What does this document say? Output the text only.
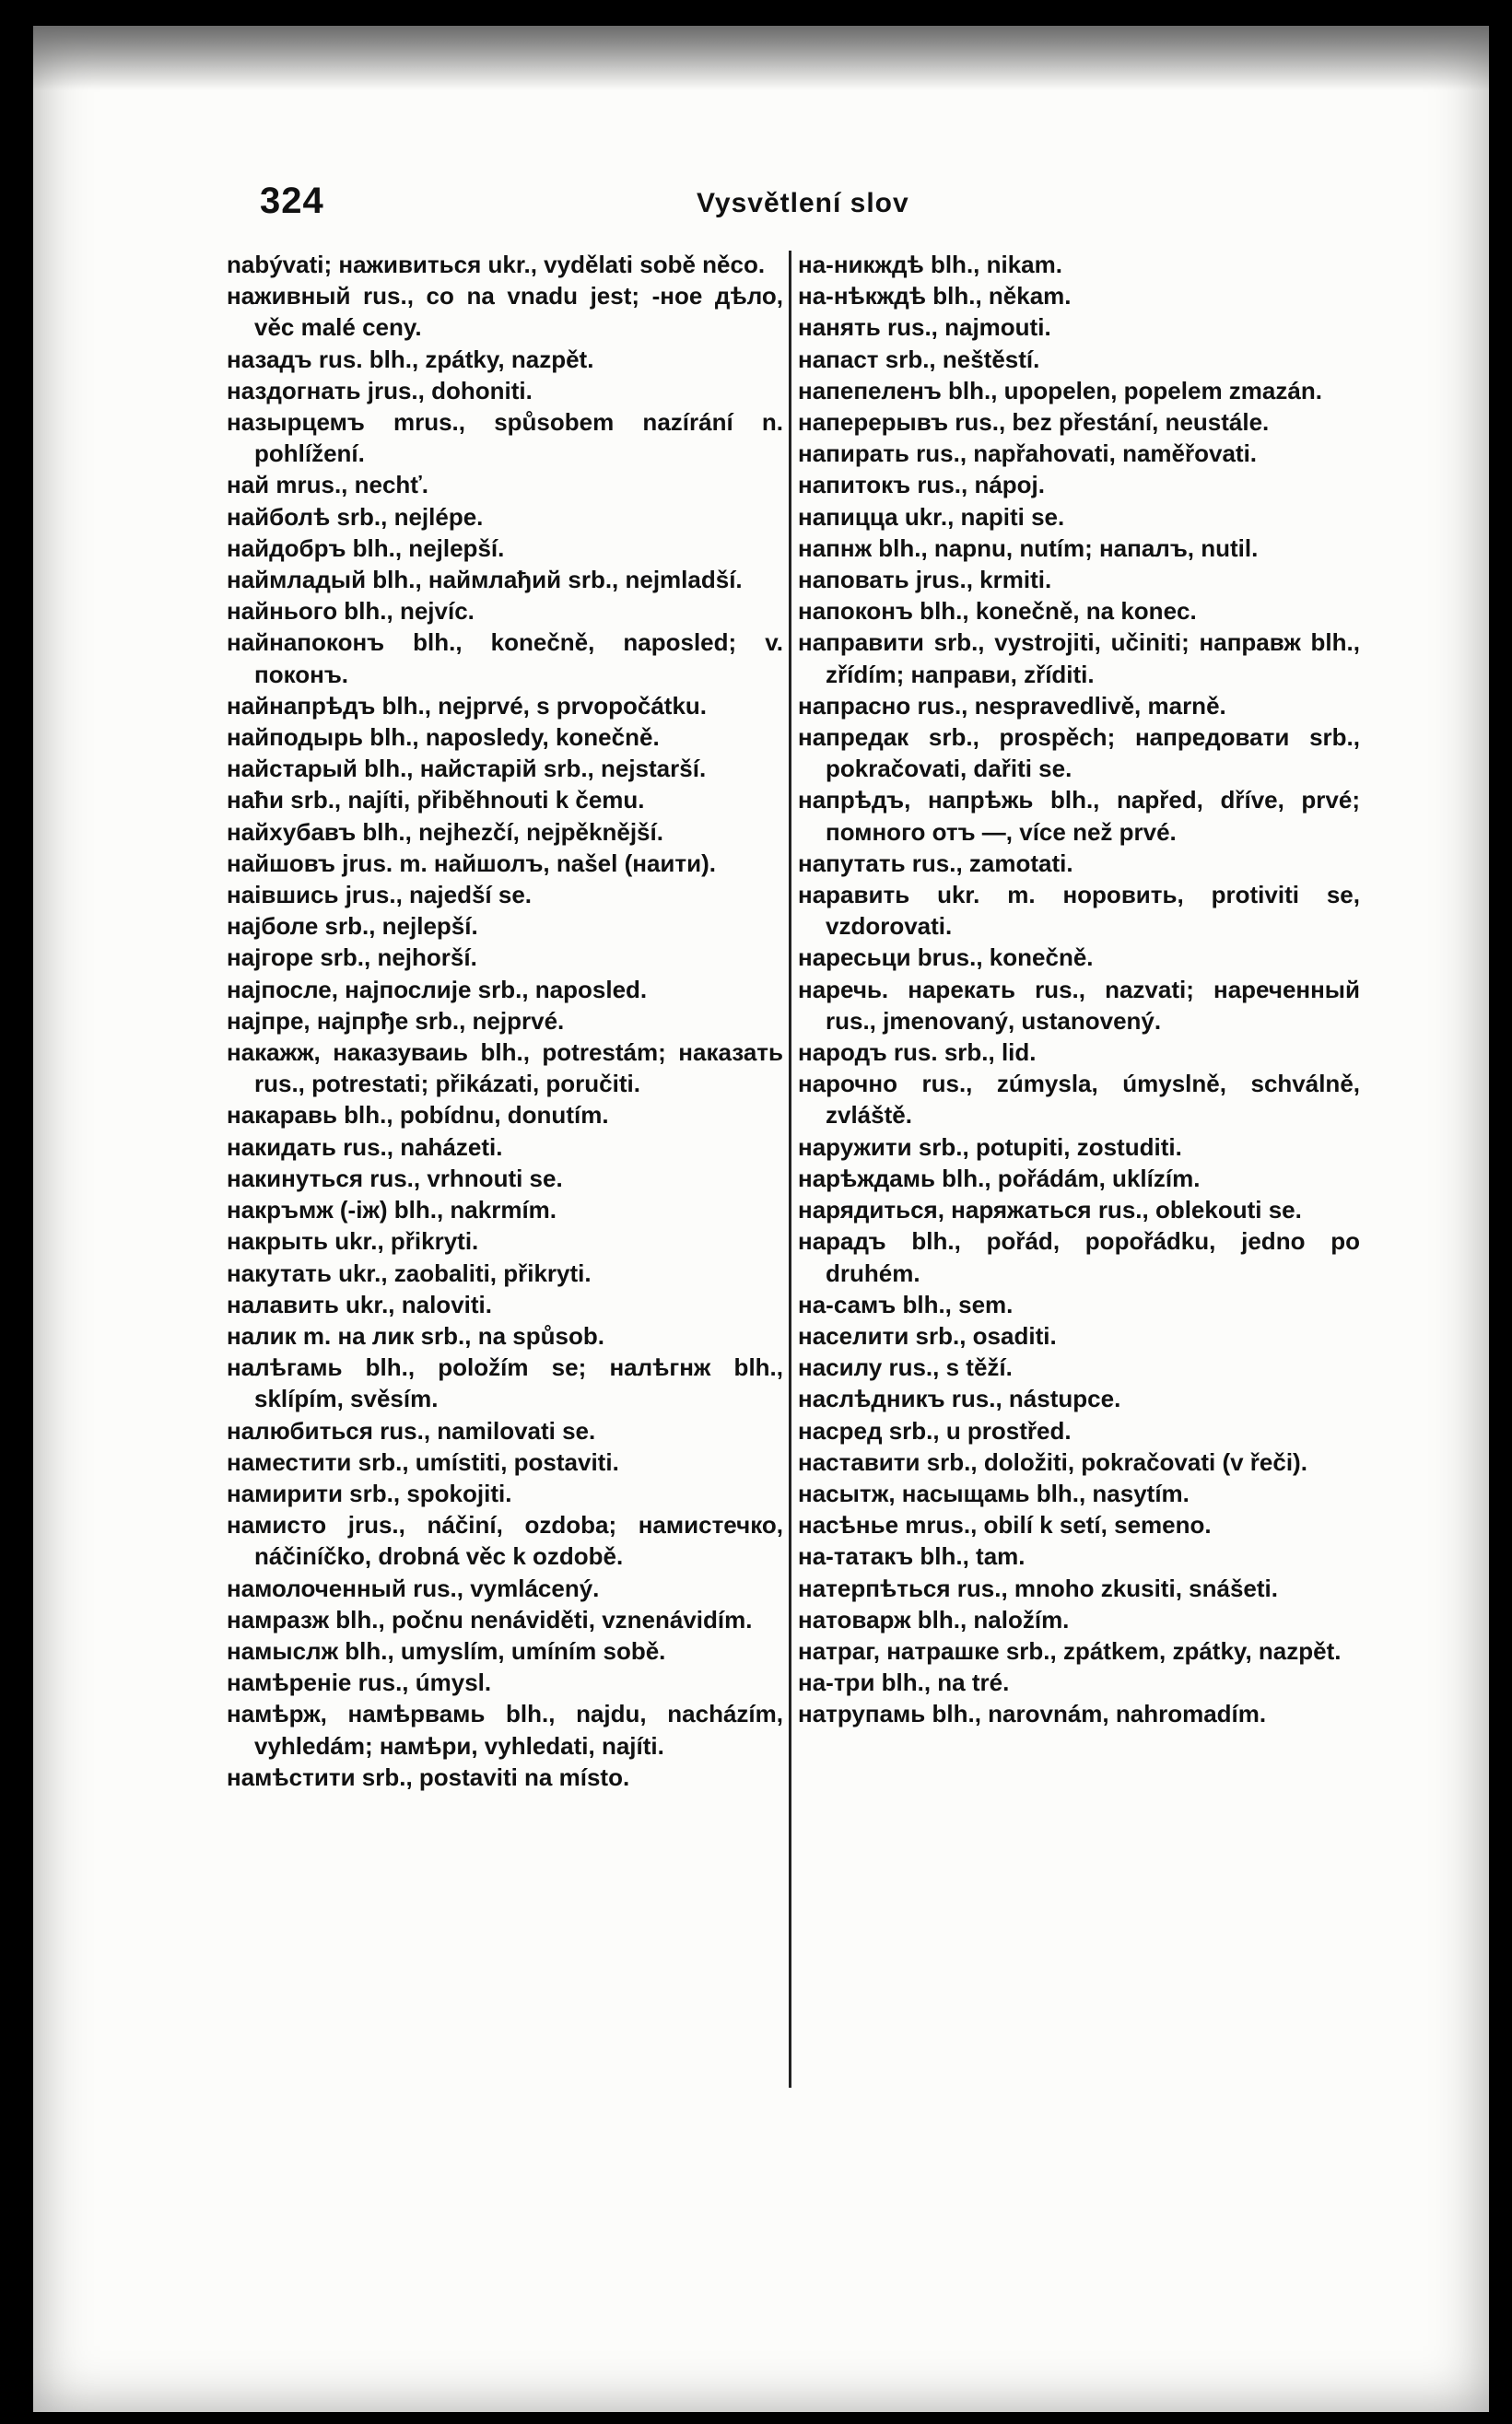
324	Vysvětlení slov

nabývati; наживиться ukr., vydělati sobě něco.

наживный rus., co na vnadu jest; -ное дѣло, věc malé ceny.

назадъ rus. blh., zpátky, nazpět.

наздогнать jrus., dohoniti.

назырцемъ mrus., spůsobem nazírání n. pohlížení.

най mrus., nechť.

найболѣ srb., nejlépe.

найдобръ blh., nejlepší.

наймладый blh., наймлађий srb., nejmladší.

найнього blh., nejvíc.

найнапоконъ blh., konečně, naposled; v. поконъ.

найнапрѣдъ blh., nejprvé, s prvopočátku.

найподырь blh., naposledy, konečně.

найстарый blh., найстарій srb., nejstarší.

наћи srb., najíti, přiběhnouti k čemu.

найхубавъ blh., nejhezčí, nejpěknější.

найшовъ jrus. m. найшолъ, našel (наити).

наівшись jrus., najedší se.

најболе srb., nejlepší.

најгоре srb., nejhorší.

најпосле, најпослије srb., naposled.

најпре, најпрђе srb., nejprvé.

накажж, наказуваиь blh., potrestám; наказать rus., potrestati; přikázati, poručiti.

накаравь blh., pobídnu, donutím.

накидать rus., naházeti.

накинуться rus., vrhnouti se.

накръмж (-іж) blh., nakrmím.

накрыть ukr., přikryti.

накутать ukr., zaobaliti, přikryti.

налавить ukr., naloviti.

налик m. на лик srb., na spůsob.

налѣгамь blh., položím se; налѣгнж blh., sklípím, svěsím.

налюбиться rus., namilovati se.

наместити srb., umístiti, postaviti.

намирити srb., spokojiti.

намисто jrus., náčiní, ozdoba; намистечко, náčiníčko, drobná věc k ozdobě.

намолоченный rus., vymlácený.

намразж blh., počnu nenáviděti, vznenávidím.

намыслж blh., umyslím, umíním sobě.

намѣреніе rus., úmysl.

намѣрж, намѣрвамь blh., najdu, nacházím, vyhledám; намѣри, vyhledati, najíti.

намѣстити srb., postaviti na místo.

на-никждѣ blh., nikam.

на-нѣкждѣ blh., někam.

нанять rus., najmouti.

напаст srb., neštěstí.

напепеленъ blh., upopelen, popelem zmazán.

наперерывъ rus., bez přestání, neustále.

напирать rus., napřahovati, naměřovati.

напитокъ rus., nápoj.

напицца ukr., napiti se.

напнж blh., napnu, nutím; напалъ, nutil.

наповать jrus., krmiti.

напоконъ blh., konečně, na konec.

направити srb., vystrojiti, učiniti; направж blh., zřídím; направи, zříditi.

напрасно rus., nespravedlivě, marně.

напредак srb., prospěch; напредовати srb., pokračovati, dařiti se.

напрѣдъ, напрѣжь blh., napřed, dříve, prvé; помного отъ —, více než prvé.

напутать rus., zamotati.

наравить ukr. m. норовить, protiviti se, vzdorovati.

наресьци brus., konečně.

наречь. нарекать rus., nazvati; нареченный rus., jmenovaný, ustanovený.

народъ rus. srb., lid.

нарочно rus., zúmysla, úmyslně, schválně, zvláště.

наружити srb., potupiti, zostuditi.

нарѣждамь blh., pořádám, uklízím.

нарядиться, наряжаться rus., oblekouti se.

нарадъ blh., pořád, popořádku, jedno po druhém.

на-самъ blh., sem.

населити srb., osaditi.

насилу rus., s těží.

наслѣдникъ rus., nástupce.

насред srb., u prostřed.

наставити srb., doložiti, pokračovati (v řeči).

насытж, насыщамь blh., nasytím.

насѣнье mrus., obilí k setí, semeno.

на-татакъ blh., tam.

натерпѣться rus., mnoho zkusiti, snášeti.

натоварж blh., naložím.

натраг, натрашке srb., zpátkem, zpátky, nazpět.

на-три blh., na tré.

натрупамь blh., narovnám, nahromadím.
